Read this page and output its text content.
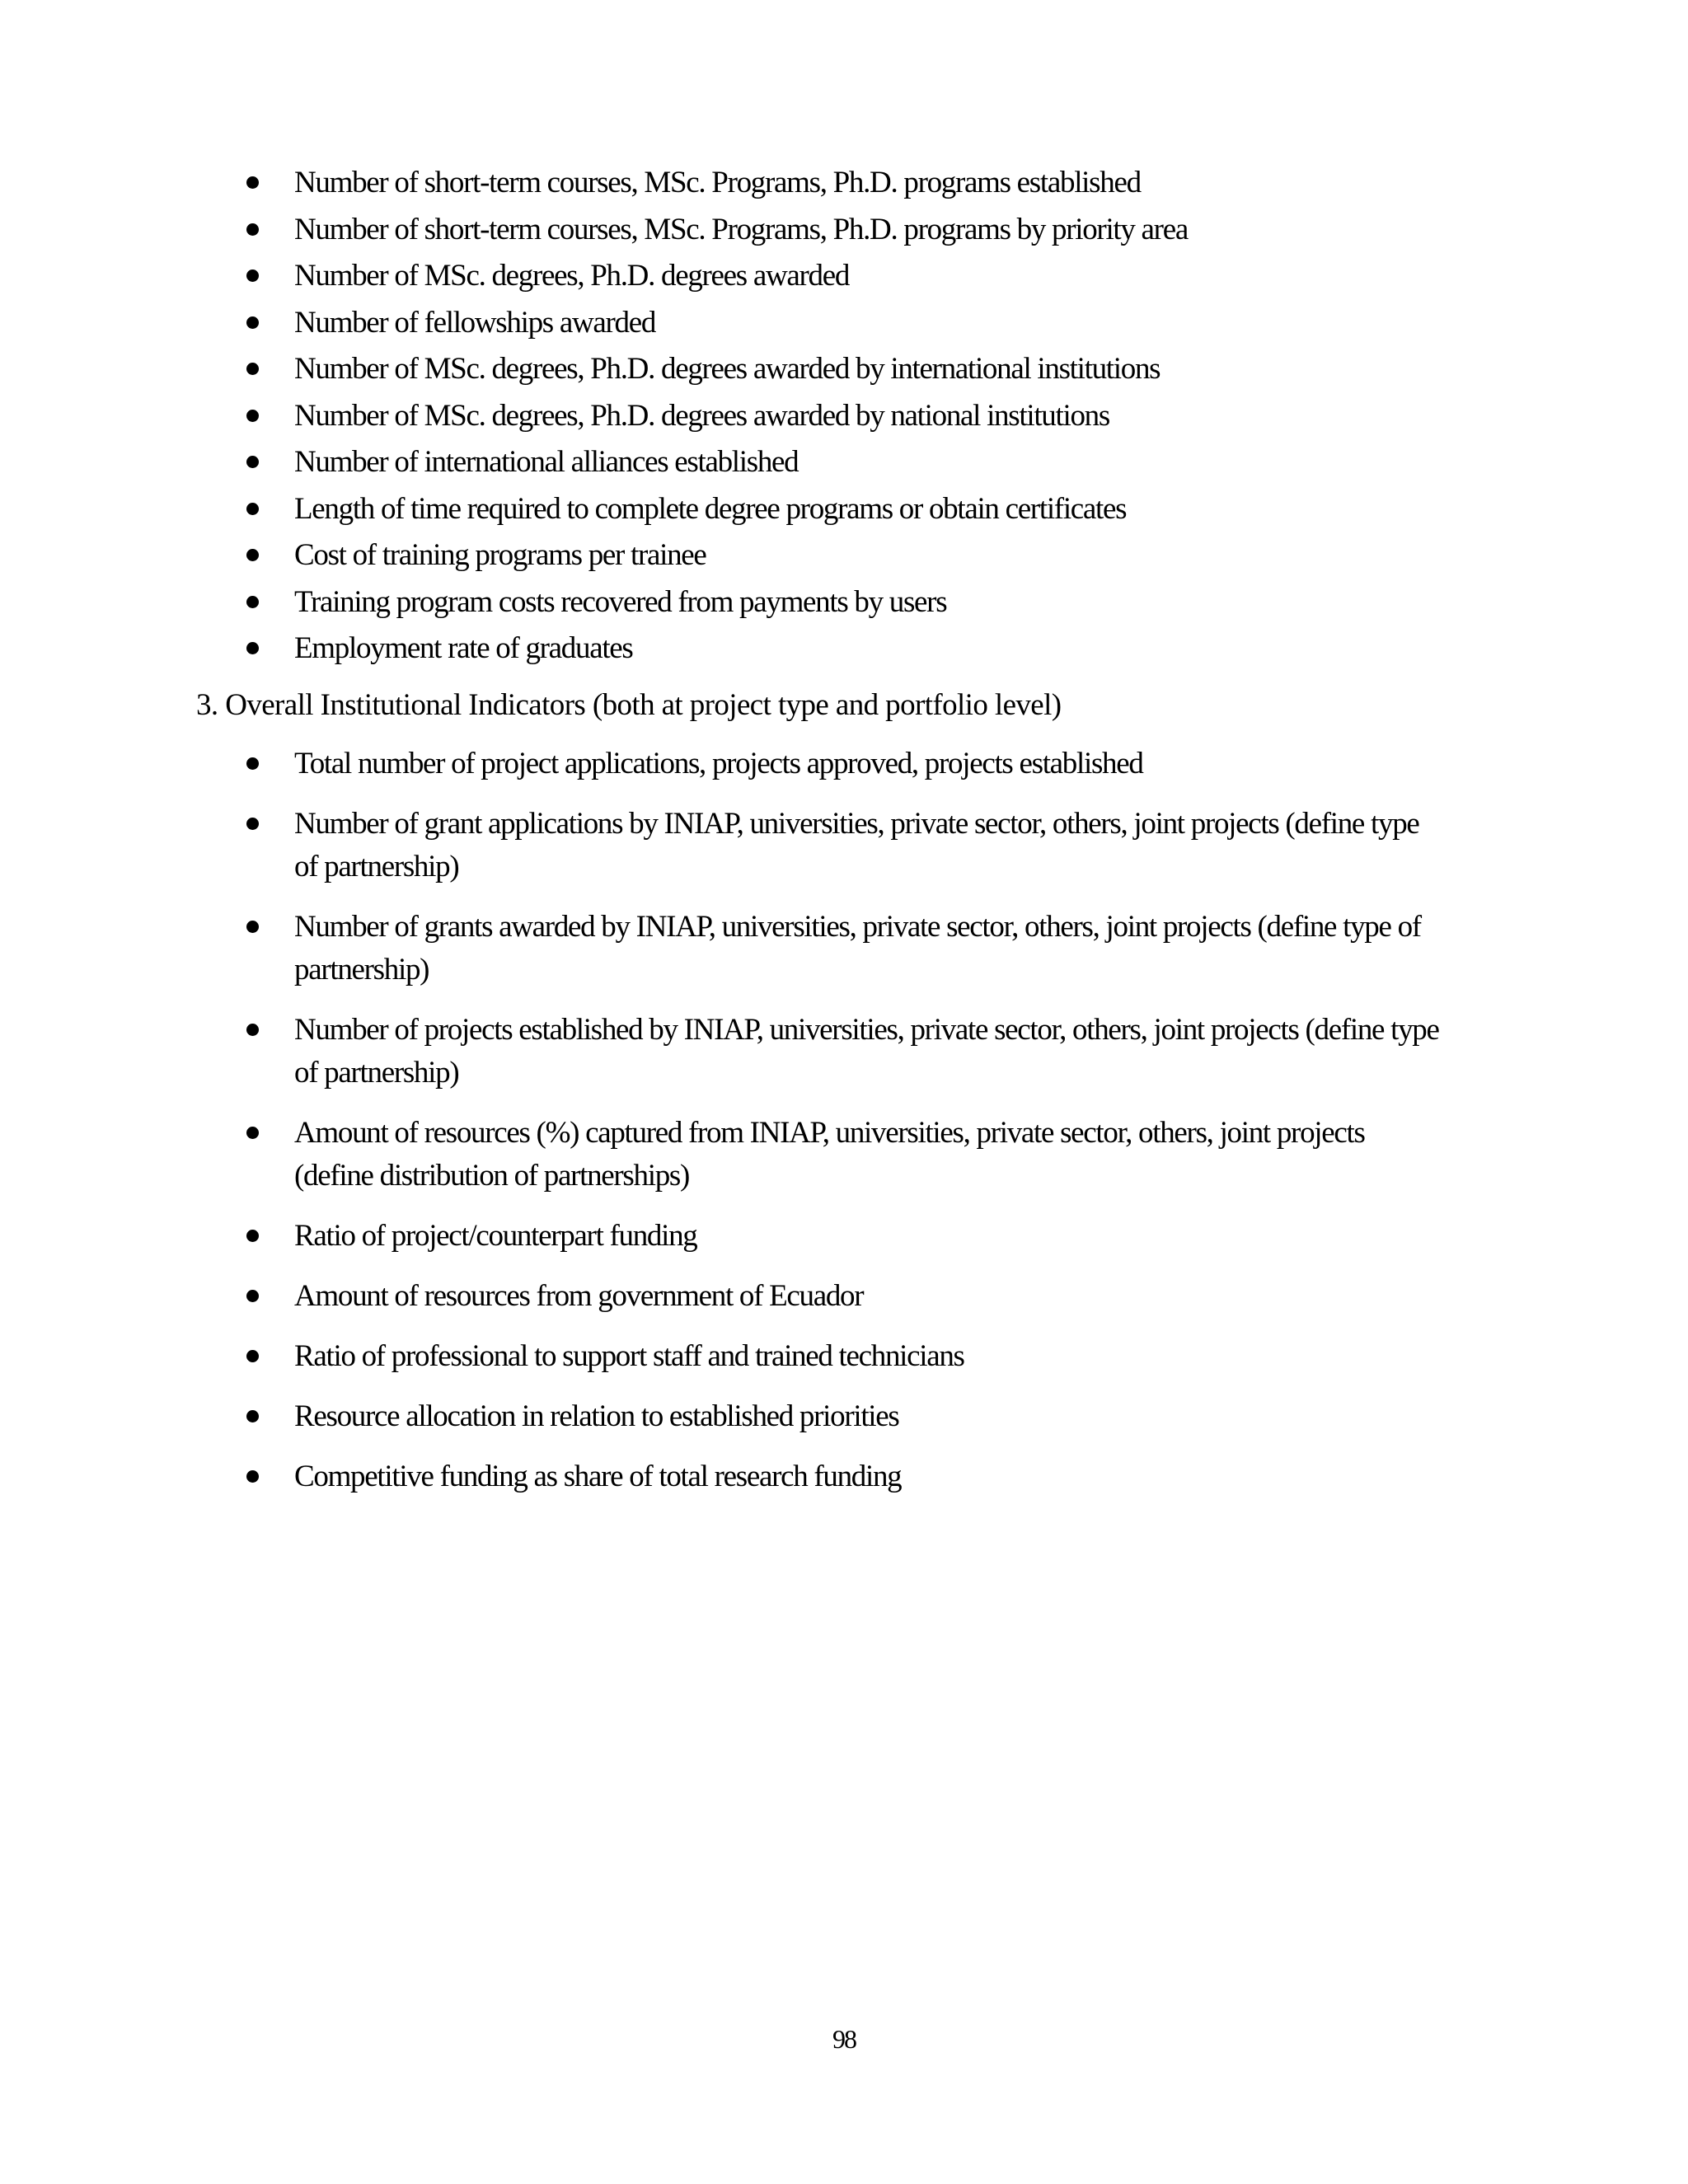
Number of short-term courses, MSc. Programs, Ph.D. programs established
Number of short-term courses, MSc. Programs, Ph.D. programs by priority area
Number of MSc. degrees, Ph.D. degrees awarded
Number of fellowships awarded
Number of MSc. degrees, Ph.D. degrees awarded by international institutions
Number of MSc. degrees, Ph.D. degrees awarded by national institutions
Number of international alliances established
Length of time required to complete degree programs or obtain certificates
Cost of training programs per trainee
Training program costs recovered from payments by users
Employment rate of graduates
3. Overall Institutional Indicators (both at project type and portfolio level)
Total number of project applications, projects approved, projects established
Number of grant applications by INIAP, universities, private sector, others, joint projects (define type of partnership)
Number of grants awarded by INIAP, universities, private sector, others, joint projects (define type of partnership)
Number of projects established by INIAP, universities, private sector, others, joint projects (define type of partnership)
Amount of resources (%) captured from INIAP, universities, private sector, others, joint projects (define distribution of partnerships)
Ratio of project/counterpart funding
Amount of resources from government of Ecuador
Ratio of professional to support staff and trained technicians
Resource allocation in relation to established priorities
Competitive funding as share of total research funding
98
